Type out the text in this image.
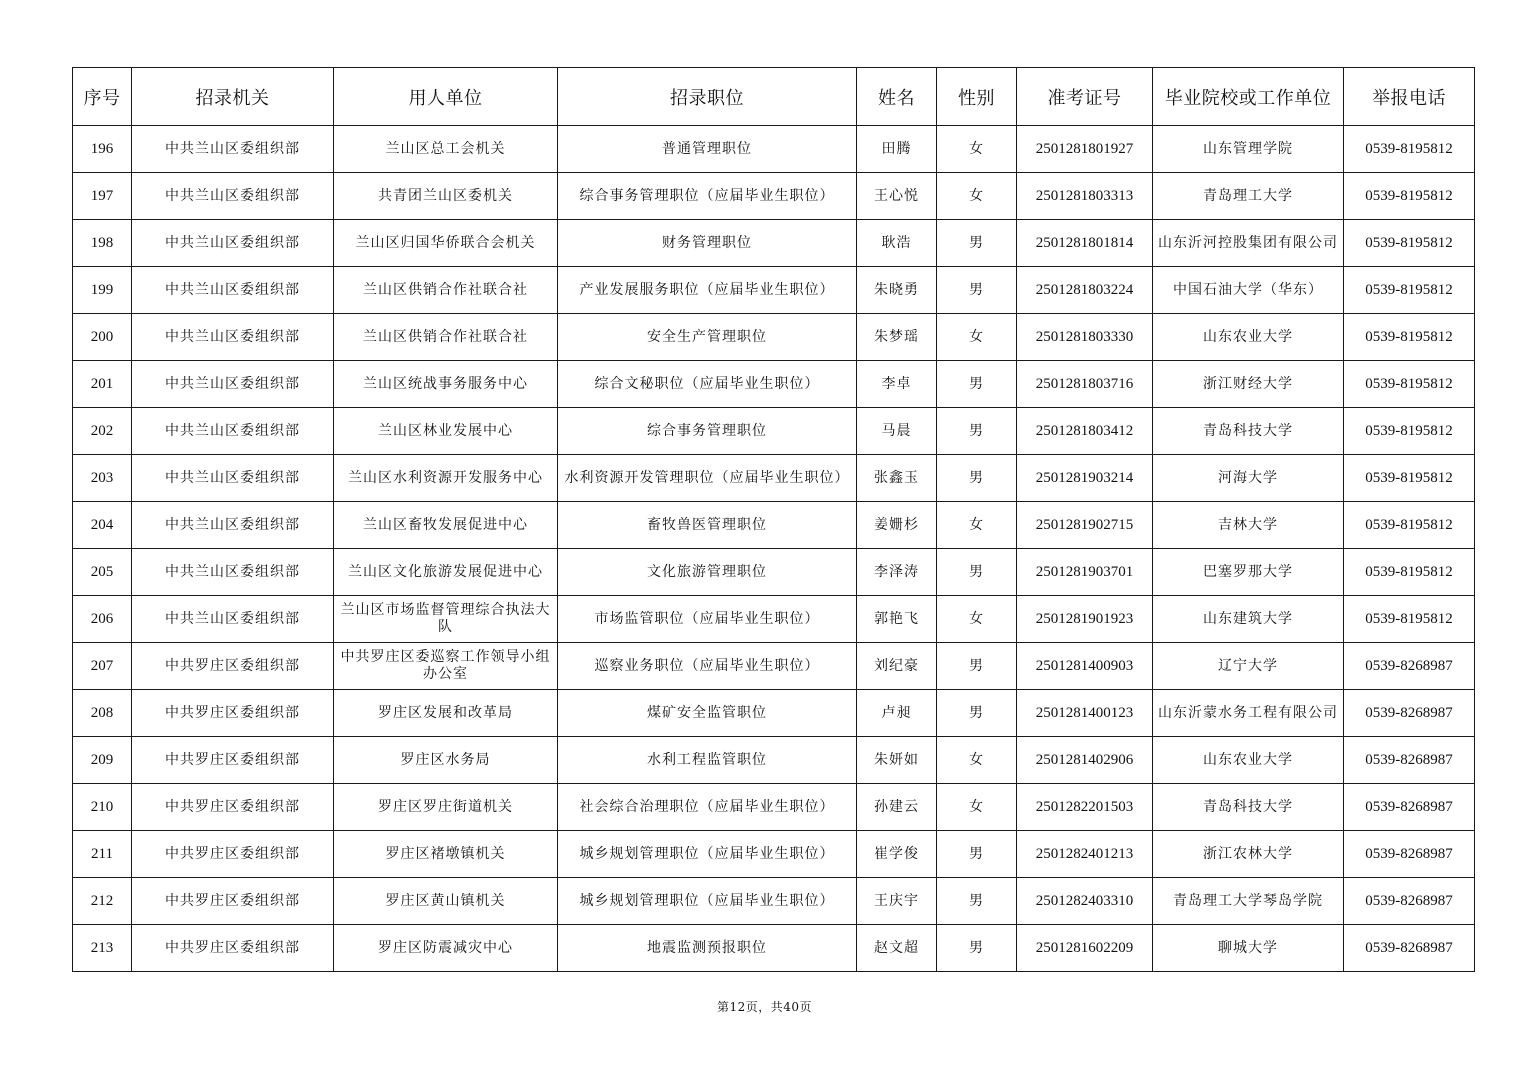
序号	招录机关	用人单位	招录职位	姓名	性别	准考证号	毕业院校或工作单位	举报电话
196	中共兰山区委组织部	兰山区总工会机关	普通管理职位	田腾	女	2501281801927	山东管理学院	0539-8195812
197	中共兰山区委组织部	共青团兰山区委机关	综合事务管理职位（应届毕业生职位）	王心悦	女	2501281803313	青岛理工大学	0539-8195812
198	中共兰山区委组织部	兰山区归国华侨联合会机关	财务管理职位	耿浩	男	2501281801814	山东沂河控股集团有限公司	0539-8195812
199	中共兰山区委组织部	兰山区供销合作社联合社	产业发展服务职位（应届毕业生职位）	朱晓勇	男	2501281803224	中国石油大学（华东）	0539-8195812
200	中共兰山区委组织部	兰山区供销合作社联合社	安全生产管理职位	朱梦瑶	女	2501281803330	山东农业大学	0539-8195812
201	中共兰山区委组织部	兰山区统战事务服务中心	综合文秘职位（应届毕业生职位）	李卓	男	2501281803716	浙江财经大学	0539-8195812
202	中共兰山区委组织部	兰山区林业发展中心	综合事务管理职位	马晨	男	2501281803412	青岛科技大学	0539-8195812
203	中共兰山区委组织部	兰山区水利资源开发服务中心	水利资源开发管理职位（应届毕业生职位）	张鑫玉	男	2501281903214	河海大学	0539-8195812
204	中共兰山区委组织部	兰山区畜牧发展促进中心	畜牧兽医管理职位	姜姗杉	女	2501281902715	吉林大学	0539-8195812
205	中共兰山区委组织部	兰山区文化旅游发展促进中心	文化旅游管理职位	李泽涛	男	2501281903701	巴塞罗那大学	0539-8195812
206	中共兰山区委组织部	兰山区市场监督管理综合执法大队	市场监管职位（应届毕业生职位）	郭艳飞	女	2501281901923	山东建筑大学	0539-8195812
207	中共罗庄区委组织部	中共罗庄区委巡察工作领导小组办公室	巡察业务职位（应届毕业生职位）	刘纪豪	男	2501281400903	辽宁大学	0539-8268987
208	中共罗庄区委组织部	罗庄区发展和改革局	煤矿安全监管职位	卢昶	男	2501281400123	山东沂蒙水务工程有限公司	0539-8268987
209	中共罗庄区委组织部	罗庄区水务局	水利工程监管职位	朱妍如	女	2501281402906	山东农业大学	0539-8268987
210	中共罗庄区委组织部	罗庄区罗庄街道机关	社会综合治理职位（应届毕业生职位）	孙建云	女	2501282201503	青岛科技大学	0539-8268987
211	中共罗庄区委组织部	罗庄区褚墩镇机关	城乡规划管理职位（应届毕业生职位）	崔学俊	男	2501282401213	浙江农林大学	0539-8268987
212	中共罗庄区委组织部	罗庄区黄山镇机关	城乡规划管理职位（应届毕业生职位）	王庆宇	男	2501282403310	青岛理工大学琴岛学院	0539-8268987
213	中共罗庄区委组织部	罗庄区防震减灾中心	地震监测预报职位	赵文超	男	2501281602209	聊城大学	0539-8268987
第12页，共40页
